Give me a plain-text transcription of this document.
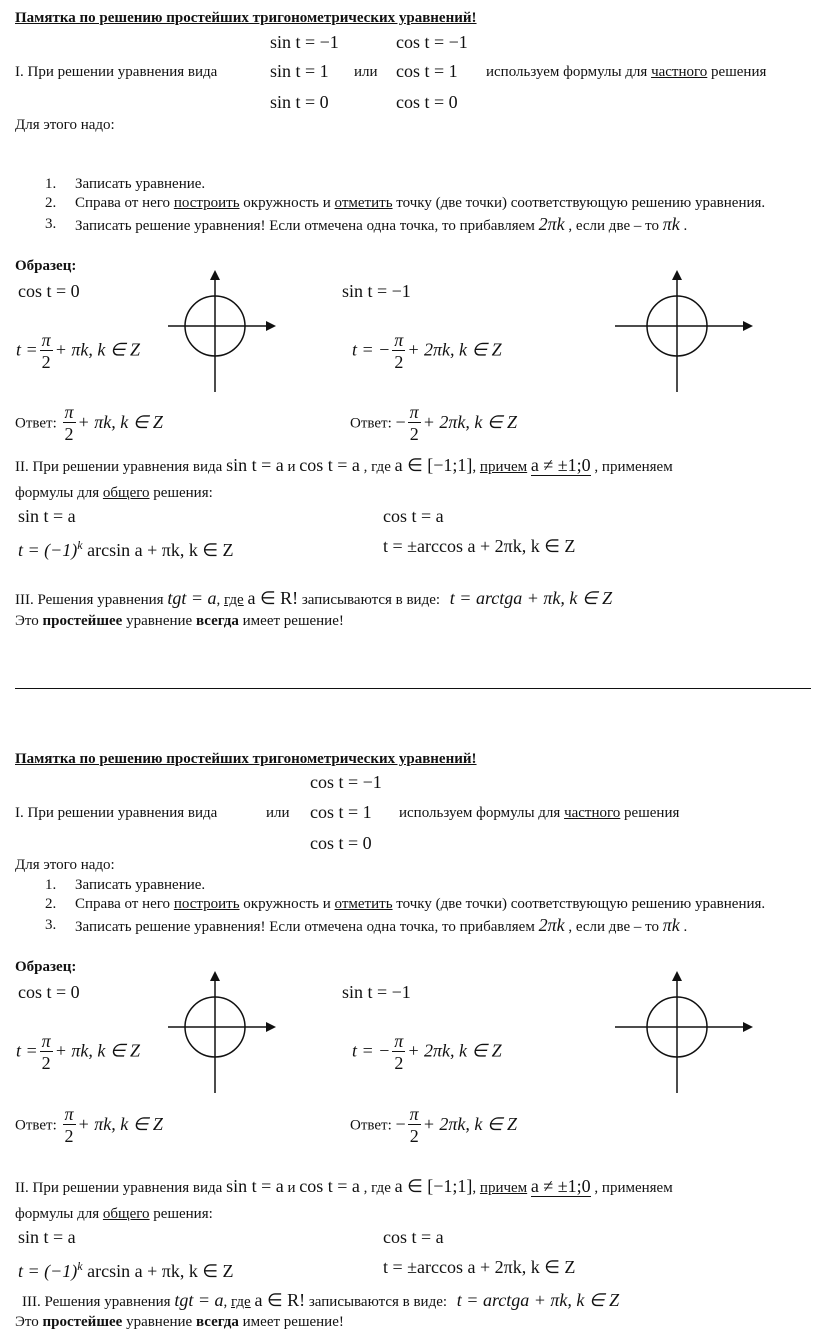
Памятка по решению простейших тригонометрических уравнений!
sin t = −1	cos t = −1
I. При решении уравнения вида	sin t = 1 или cos t = 1 используем формулы для частного решения
sin t = 0	cos t = 0
Для этого надо:
1. Записать уравнение.
2. Справа от него построить окружность и отметить точку (две точки) соответствующую решению уравнения.
3. Записать решение уравнения! Если отмечена одна точка, то прибавляем 2πk , если две – то πk .
Образец:
cos t = 0	sin t = −1
$t = \frac{\pi}{2} + \pi k$, k ∈ Z	t = − $\frac{\pi}{2} + 2\pi k$, k ∈ Z
Ответ: $\frac{\pi}{2} + \pi k$, k ∈ Z	Ответ: − $\frac{\pi}{2} + 2\pi k$, k ∈ Z
II. При решении уравнения вида sin t = a и cos t = a , где a ∈ [−1;1], причем a ≠ ±1;0 , применяем
формулы для общего решения:
sin t = a	cos t = a
$t = (-1)^k$ arcsin a + πk, k ∈ Z	t = ±arccos a + 2πk, k ∈ Z
III. Решения уравнения tgt = a, где a ∈ R! записываются в виде: t = arctga + πk, k ∈ Z
Это простейшее уравнение всегда имеет решение!
Памятка по решению простейших тригонометрических уравнений!
cos t = −1
I. При решении уравнения вида	или cos t = 1 используем формулы для частного решения
cos t = 0
Для этого надо:
1. Записать уравнение.
2. Справа от него построить окружность и отметить точку (две точки) соответствующую решению уравнения.
3. Записать решение уравнения! Если отмечена одна точка, то прибавляем 2πk , если две – то πk .
Образец:
cos t = 0	sin t = −1
$t = \frac{\pi}{2} + \pi k$, k ∈ Z	t = − $\frac{\pi}{2} + 2\pi k$, k ∈ Z
Ответ: $\frac{\pi}{2} + \pi k$, k ∈ Z	Ответ: − $\frac{\pi}{2} + 2\pi k$, k ∈ Z
II. При решении уравнения вида sin t = a и cos t = a , где a ∈ [−1;1], причем a ≠ ±1;0 , применяем
формулы для общего решения:
sin t = a	cos t = a
$t = (-1)^k$ arcsin a + πk, k ∈ Z	t = ±arccos a + 2πk, k ∈ Z
III. Решения уравнения tgt = a, где a ∈ R! записываются в виде: t = arctga + πk, k ∈ Z
Это простейшее уравнение всегда имеет решение!
